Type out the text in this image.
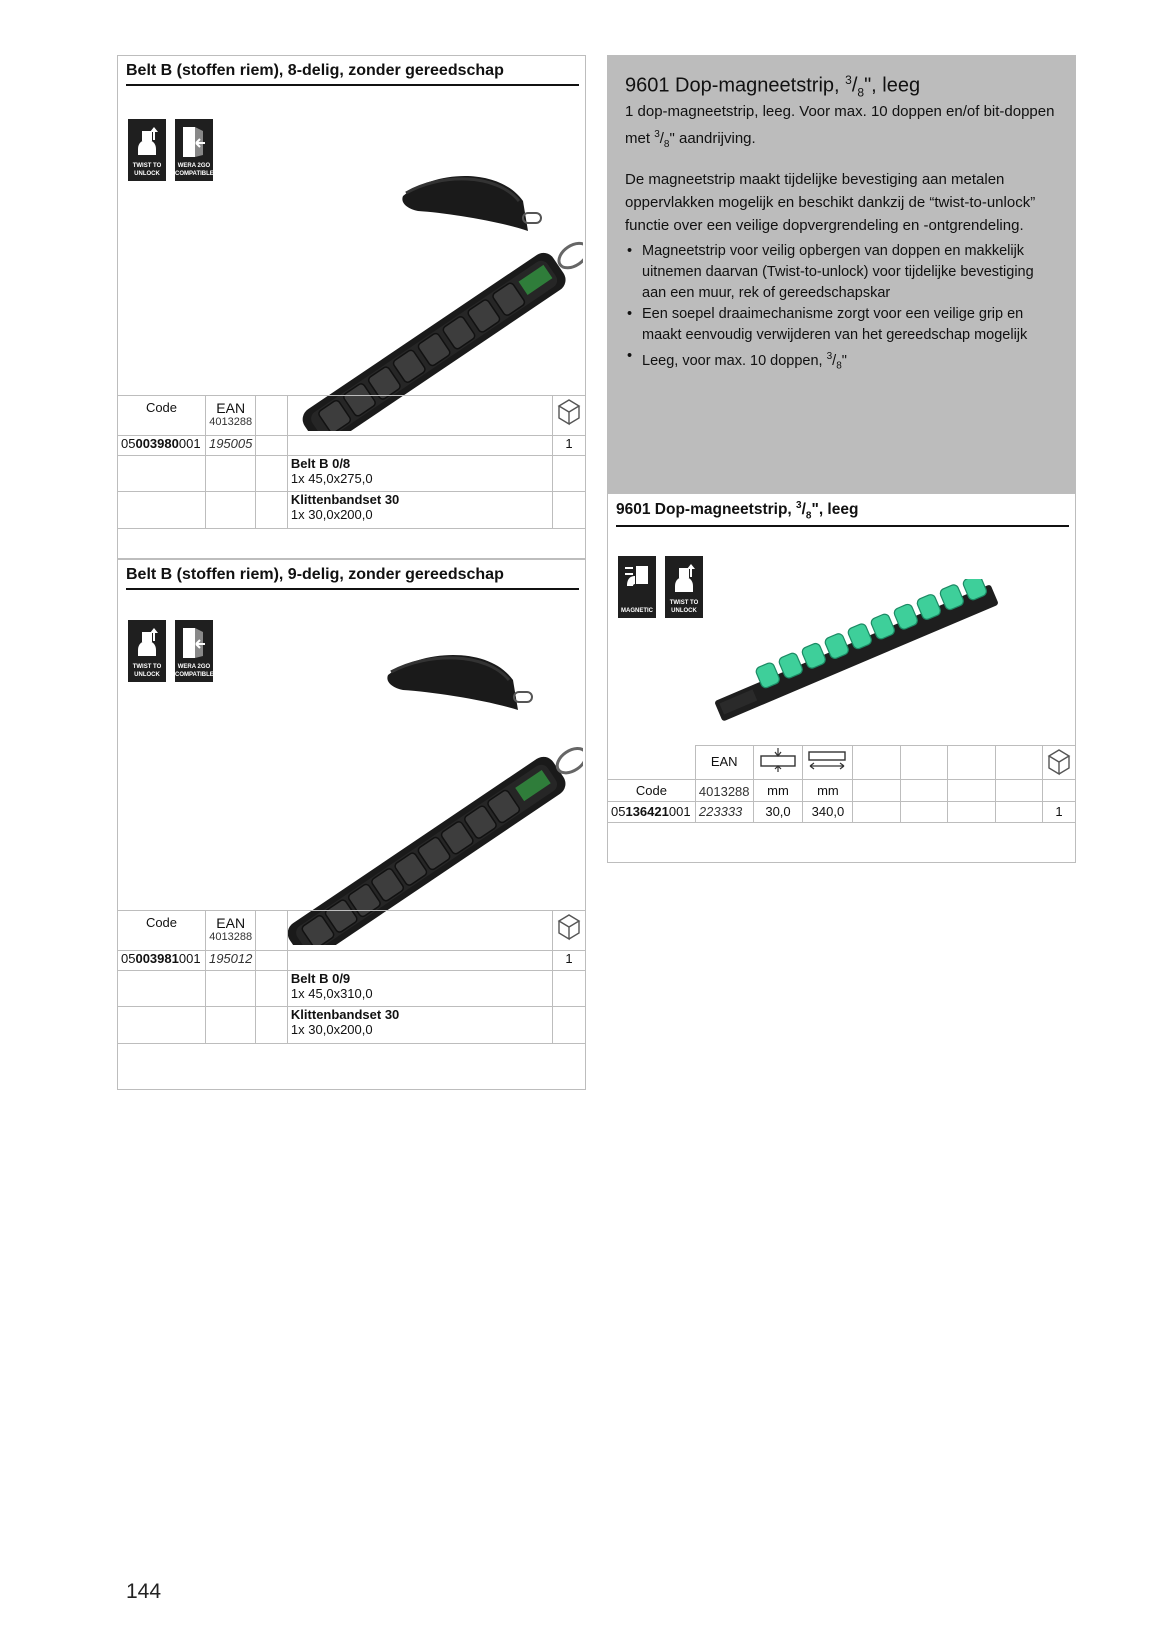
Belt B (stoffen riem), 8-delig, zonder gereedschap
TWIST TO UNLOCK
WERA 2GO COMPATIBLE
Code	EAN
4013288

05003980001	195005			1

			Belt B 0/8
1x 45,0x275,0	

			Klittenbandset 30
1x 30,0x200,0	

Belt B (stoffen riem), 9-delig, zonder gereedschap
TWIST TO UNLOCK
WERA 2GO COMPATIBLE
Code	EAN
4013288

05003981001	195012			1

			Belt B 0/9
1x 45,0x310,0	

			Klittenbandset 30
1x 30,0x200,0	

9601 Dop-magneetstrip, $^3/_8$", leeg
1 dop-magneetstrip, leeg. Voor max. 10 doppen en/of bit-doppen met $^3/_8$" aandrijving.
De magneetstrip maakt tijdelijke bevestiging aan metalen oppervlakken mogelijk en beschikt dankzij de “twist-to-unlock” functie over een veilige dopvergrendeling en -ontgrendeling.
• Magneetstrip voor veilig opbergen van doppen en makkelijk uitnemen daarvan (Twist-to-unlock) voor tijdelijke bevestiging aan een muur, rek of gereedschapskar
• Een soepel draaimechanisme zorgt voor een veilige grip en maakt eenvoudig verwijderen van het gereedschap mogelijk
• Leeg, voor max. 10 doppen, $^3/_8$"
9601 Dop-magneetstrip, $^3/_8$", leeg
MAGNETIC
TWIST TO UNLOCK
	EAN							
Code	4013288	mm	mm					
05136421001	223333	30,0	340,0					1
144
